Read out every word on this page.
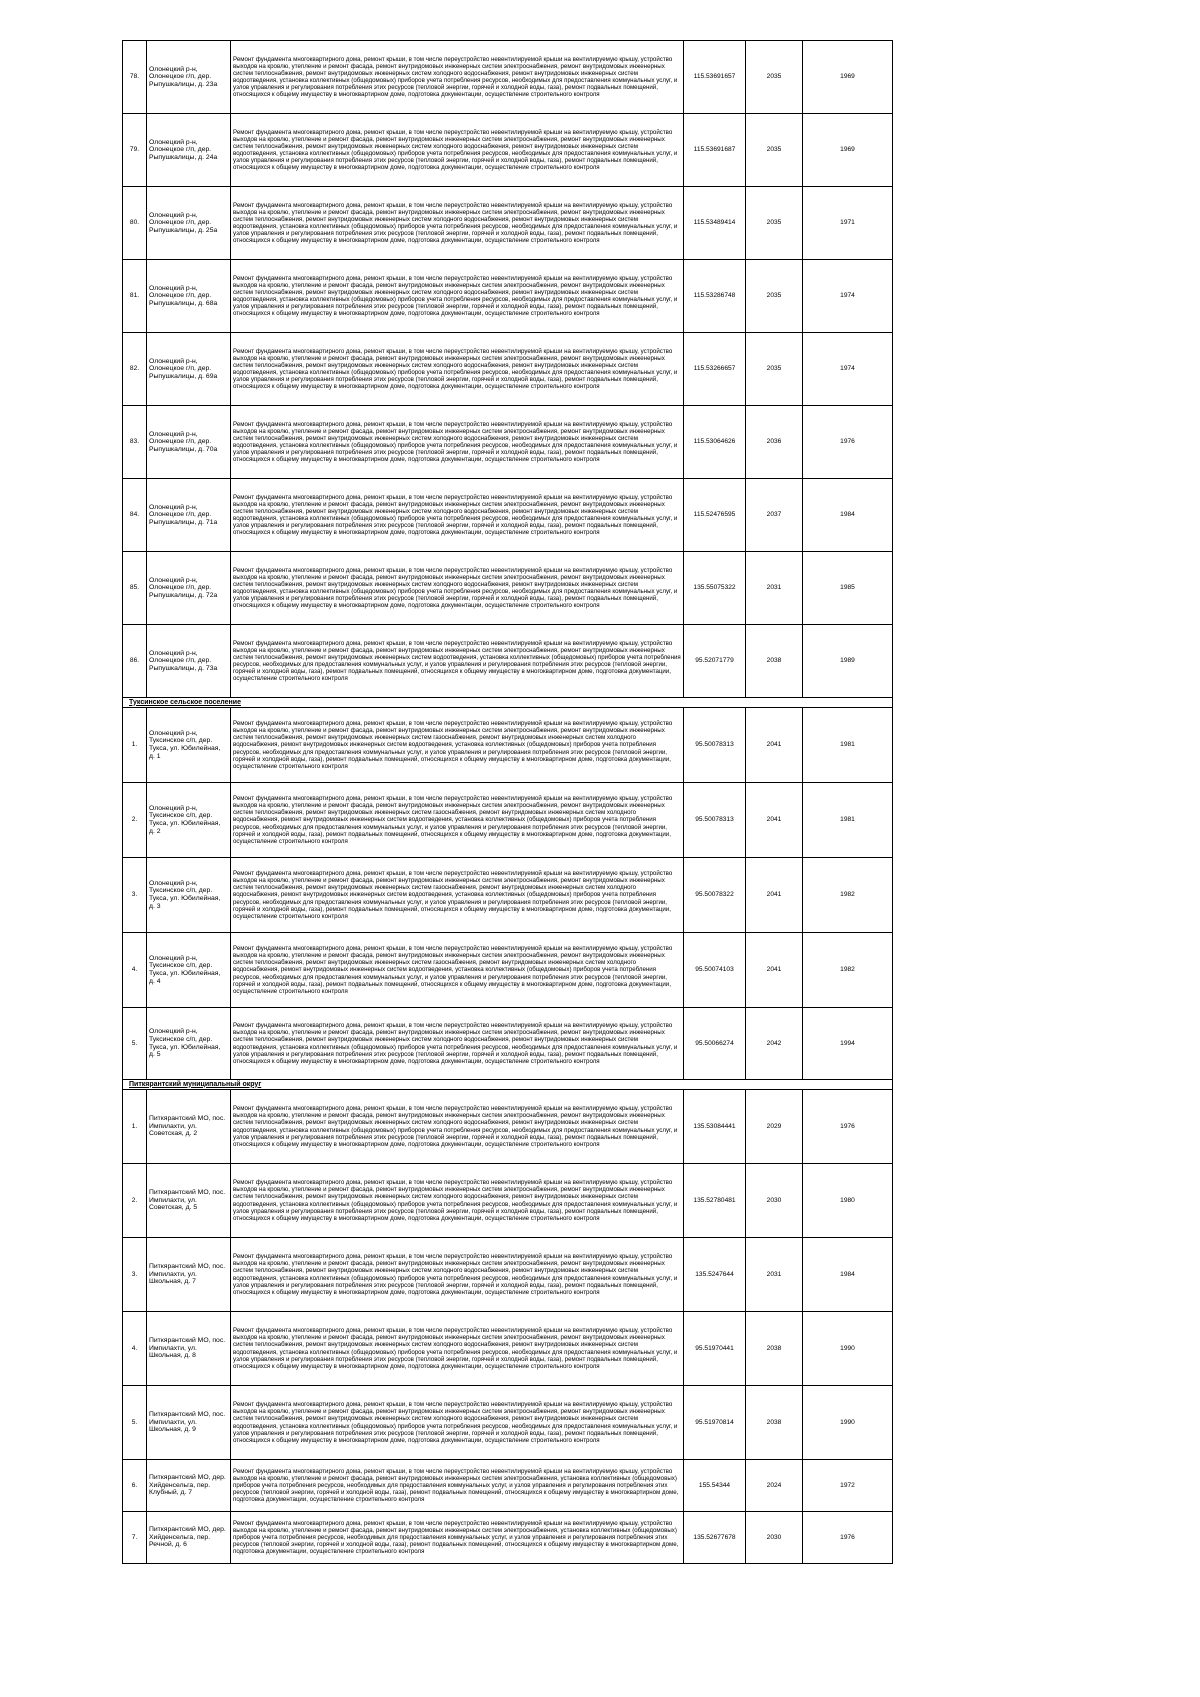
78.	Олонецкий р-н, Олонецкое г/п, дер. Рыпушкалицы, д. 23а	Ремонт фундамента многоквартирного дома, ремонт крыши, в том числе переустройство невентилируемой крыши на вентилируемую крышу, устройство выходов на кровлю, утепление и ремонт фасада, ремонт внутридомовых инженерных систем электроснабжения, ремонт внутридомовых инженерных систем теплоснабжения, ремонт внутридомовых инженерных систем холодного водоснабжения, ремонт внутридомовых инженерных систем водоотведения, установка коллективных (общедомовых) приборов учета потребления ресурсов, необходимых для предоставления коммунальных услуг, и узлов управления и регулирования потребления этих ресурсов (тепловой энергии, горячей и холодной воды, газа), ремонт подвальных помещений, относящихся к общему имуществу в многоквартирном доме, подготовка документации, осуществление строительного контроля	115.53691657	2035	1969
79.	Олонецкий р-н, Олонецкое г/п, дер. Рыпушкалицы, д. 24а	Ремонт фундамента многоквартирного дома, ремонт крыши, в том числе переустройство невентилируемой крыши на вентилируемую крышу, устройство выходов на кровлю, утепление и ремонт фасада, ремонт внутридомовых инженерных систем электроснабжения, ремонт внутридомовых инженерных систем теплоснабжения, ремонт внутридомовых инженерных систем холодного водоснабжения, ремонт внутридомовых инженерных систем водоотведения, установка коллективных (общедомовых) приборов учета потребления ресурсов, необходимых для предоставления коммунальных услуг, и узлов управления и регулирования потребления этих ресурсов (тепловой энергии, горячей и холодной воды, газа), ремонт подвальных помещений, относящихся к общему имуществу в многоквартирном доме, подготовка документации, осуществление строительного контроля	115.53691687	2035	1969
80.	Олонецкий р-н, Олонецкое г/п, дер. Рыпушкалицы, д. 25а	Ремонт фундамента многоквартирного дома, ремонт крыши, в том числе переустройство невентилируемой крыши на вентилируемую крышу, устройство выходов на кровлю, утепление и ремонт фасада, ремонт внутридомовых инженерных систем электроснабжения, ремонт внутридомовых инженерных систем теплоснабжения, ремонт внутридомовых инженерных систем холодного водоснабжения, ремонт внутридомовых инженерных систем водоотведения, установка коллективных (общедомовых) приборов учета потребления ресурсов, необходимых для предоставления коммунальных услуг, и узлов управления и регулирования потребления этих ресурсов (тепловой энергии, горячей и холодной воды, газа), ремонт подвальных помещений, относящихся к общему имуществу в многоквартирном доме, подготовка документации, осуществление строительного контроля	115.53489414	2035	1971
81.	Олонецкий р-н, Олонецкое г/п, дер. Рыпушкалицы, д. 68а	Ремонт фундамента многоквартирного дома, ремонт крыши, в том числе переустройство невентилируемой крыши на вентилируемую крышу, устройство выходов на кровлю, утепление и ремонт фасада, ремонт внутридомовых инженерных систем электроснабжения, ремонт внутридомовых инженерных систем теплоснабжения, ремонт внутридомовых инженерных систем холодного водоснабжения, ремонт внутридомовых инженерных систем водоотведения, установка коллективных (общедомовых) приборов учета потребления ресурсов, необходимых для предоставления коммунальных услуг, и узлов управления и регулирования потребления этих ресурсов (тепловой энергии, горячей и холодной воды, газа), ремонт подвальных помещений, относящихся к общему имуществу в многоквартирном доме, подготовка документации, осуществление строительного контроля	115.53286748	2035	1974
82.	Олонецкий р-н, Олонецкое г/п, дер. Рыпушкалицы, д. 69а	Ремонт фундамента многоквартирного дома, ремонт крыши, в том числе переустройство невентилируемой крыши на вентилируемую крышу, устройство выходов на кровлю, утепление и ремонт фасада, ремонт внутридомовых инженерных систем электроснабжения, ремонт внутридомовых инженерных систем теплоснабжения, ремонт внутридомовых инженерных систем холодного водоснабжения, ремонт внутридомовых инженерных систем водоотведения, установка коллективных (общедомовых) приборов учета потребления ресурсов, необходимых для предоставления коммунальных услуг, и узлов управления и регулирования потребления этих ресурсов (тепловой энергии, горячей и холодной воды, газа), ремонт подвальных помещений, относящихся к общему имуществу в многоквартирном доме, подготовка документации, осуществление строительного контроля	115.53266657	2035	1974
83.	Олонецкий р-н, Олонецкое г/п, дер. Рыпушкалицы, д. 70а	Ремонт фундамента многоквартирного дома, ремонт крыши, в том числе переустройство невентилируемой крыши на вентилируемую крышу, устройство выходов на кровлю, утепление и ремонт фасада, ремонт внутридомовых инженерных систем электроснабжения, ремонт внутридомовых инженерных систем теплоснабжения, ремонт внутридомовых инженерных систем холодного водоснабжения, ремонт внутридомовых инженерных систем водоотведения, установка коллективных (общедомовых) приборов учета потребления ресурсов, необходимых для предоставления коммунальных услуг, и узлов управления и регулирования потребления этих ресурсов (тепловой энергии, горячей и холодной воды, газа), ремонт подвальных помещений, относящихся к общему имуществу в многоквартирном доме, подготовка документации, осуществление строительного контроля	115.53064626	2036	1976
84.	Олонецкий р-н, Олонецкое г/п, дер. Рыпушкалицы, д. 71а	Ремонт фундамента многоквартирного дома, ремонт крыши, в том числе переустройство невентилируемой крыши на вентилируемую крышу, устройство выходов на кровлю, утепление и ремонт фасада, ремонт внутридомовых инженерных систем электроснабжения, ремонт внутридомовых инженерных систем теплоснабжения, ремонт внутридомовых инженерных систем холодного водоснабжения, ремонт внутридомовых инженерных систем водоотведения, установка коллективных (общедомовых) приборов учета потребления ресурсов, необходимых для предоставления коммунальных услуг, и узлов управления и регулирования потребления этих ресурсов (тепловой энергии, горячей и холодной воды, газа), ремонт подвальных помещений, относящихся к общему имуществу в многоквартирном доме, подготовка документации, осуществление строительного контроля	115.52476595	2037	1984
85.	Олонецкий р-н, Олонецкое г/п, дер. Рыпушкалицы, д. 72а	Ремонт фундамента многоквартирного дома, ремонт крыши, в том числе переустройство невентилируемой крыши на вентилируемую крышу, устройство выходов на кровлю, утепление и ремонт фасада, ремонт внутридомовых инженерных систем электроснабжения, ремонт внутридомовых инженерных систем теплоснабжения, ремонт внутридомовых инженерных систем холодного водоснабжения, ремонт внутридомовых инженерных систем водоотведения, установка коллективных (общедомовых) приборов учета потребления ресурсов, необходимых для предоставления коммунальных услуг, и узлов управления и регулирования потребления этих ресурсов (тепловой энергии, горячей и холодной воды, газа), ремонт подвальных помещений, относящихся к общему имуществу в многоквартирном доме, подготовка документации, осуществление строительного контроля	135.55075322	2031	1985
86.	Олонецкий р-н, Олонецкое г/п, дер. Рыпушкалицы, д. 73а	Ремонт фундамента многоквартирного дома, ремонт крыши, в том числе переустройство невентилируемой крыши на вентилируемую крышу, устройство выходов на кровлю, утепление и ремонт фасада, ремонт внутридомовых инженерных систем электроснабжения, ремонт внутридомовых инженерных систем теплоснабжения, ремонт внутридомовых инженерных систем водоотведения, установка коллективных (общедомовых) приборов учета потребления ресурсов, необходимых для предоставления коммунальных услуг, и узлов управления и регулирования потребления этих ресурсов (тепловой энергии, горячей и холодной воды, газа), ремонт подвальных помещений, относящихся к общему имуществу в многоквартирном доме, подготовка документации, осуществление строительного контроля	95.52071779	2038	1989
Туксинское сельское поселение					
1.	Олонецкий р-н, Туксинское с/п, дер. Тукса, ул. Юбилейная, д. 1	Ремонт фундамента многоквартирного дома, ремонт крыши, в том числе переустройство невентилируемой крыши на вентилируемую крышу, устройство выходов на кровлю, утепление и ремонт фасада, ремонт внутридомовых инженерных систем электроснабжения, ремонт внутридомовых инженерных систем теплоснабжения, ремонт внутридомовых инженерных систем газоснабжения, ремонт внутридомовых инженерных систем холодного водоснабжения, ремонт внутридомовых инженерных систем водоотведения, установка коллективных (общедомовых) приборов учета потребления ресурсов, необходимых для предоставления коммунальных услуг, и узлов управления и регулирования потребления этих ресурсов (тепловой энергии, горячей и холодной воды, газа), ремонт подвальных помещений, относящихся к общему имуществу в многоквартирном доме, подготовка документации, осуществление строительного контроля	95.50078313	2041	1981
2.	Олонецкий р-н, Туксинское с/п, дер. Тукса, ул. Юбилейная, д. 2	Ремонт фундамента многоквартирного дома, ремонт крыши, в том числе переустройство невентилируемой крыши на вентилируемую крышу, устройство выходов на кровлю, утепление и ремонт фасада, ремонт внутридомовых инженерных систем электроснабжения, ремонт внутридомовых инженерных систем теплоснабжения, ремонт внутридомовых инженерных систем газоснабжения, ремонт внутридомовых инженерных систем холодного водоснабжения, ремонт внутридомовых инженерных систем водоотведения, установка коллективных (общедомовых) приборов учета потребления ресурсов, необходимых для предоставления коммунальных услуг, и узлов управления и регулирования потребления этих ресурсов (тепловой энергии, горячей и холодной воды, газа), ремонт подвальных помещений, относящихся к общему имуществу в многоквартирном доме, подготовка документации, осуществление строительного контроля	95.50078313	2041	1981
3.	Олонецкий р-н, Туксинское с/п, дер. Тукса, ул. Юбилейная, д. 3	Ремонт фундамента многоквартирного дома, ремонт крыши, в том числе переустройство невентилируемой крыши на вентилируемую крышу, устройство выходов на кровлю, утепление и ремонт фасада, ремонт внутридомовых инженерных систем электроснабжения, ремонт внутридомовых инженерных систем теплоснабжения, ремонт внутридомовых инженерных систем газоснабжения, ремонт внутридомовых инженерных систем холодного водоснабжения, ремонт внутридомовых инженерных систем водоотведения, установка коллективных (общедомовых) приборов учета потребления ресурсов, необходимых для предоставления коммунальных услуг, и узлов управления и регулирования потребления этих ресурсов (тепловой энергии, горячей и холодной воды, газа), ремонт подвальных помещений, относящихся к общему имуществу в многоквартирном доме, подготовка документации, осуществление строительного контроля	95.50078322	2041	1982
4.	Олонецкий р-н, Туксинское с/п, дер. Тукса, ул. Юбилейная, д. 4	Ремонт фундамента многоквартирного дома, ремонт крыши, в том числе переустройство невентилируемой крыши на вентилируемую крышу, устройство выходов на кровлю, утепление и ремонт фасада, ремонт внутридомовых инженерных систем электроснабжения, ремонт внутридомовых инженерных систем теплоснабжения, ремонт внутридомовых инженерных систем газоснабжения, ремонт внутридомовых инженерных систем холодного водоснабжения, ремонт внутридомовых инженерных систем водоотведения, установка коллективных (общедомовых) приборов учета потребления ресурсов, необходимых для предоставления коммунальных услуг, и узлов управления и регулирования потребления этих ресурсов (тепловой энергии, горячей и холодной воды, газа), ремонт подвальных помещений, относящихся к общему имуществу в многоквартирном доме, подготовка документации, осуществление строительного контроля	95.50074103	2041	1982
5.	Олонецкий р-н, Туксинское с/п, дер. Тукса, ул. Юбилейная, д. 5	Ремонт фундамента многоквартирного дома, ремонт крыши, в том числе переустройство невентилируемой крыши на вентилируемую крышу, устройство выходов на кровлю, утепление и ремонт фасада, ремонт внутридомовых инженерных систем электроснабжения, ремонт внутридомовых инженерных систем теплоснабжения, ремонт внутридомовых инженерных систем холодного водоснабжения, ремонт внутридомовых инженерных систем водоотведения, установка коллективных (общедомовых) приборов учета потребления ресурсов, необходимых для предоставления коммунальных услуг, и узлов управления и регулирования потребления этих ресурсов (тепловой энергии, горячей и холодной воды, газа), ремонт подвальных помещений, относящихся к общему имуществу в многоквартирном доме, подготовка документации, осуществление строительного контроля	95.50066274	2042	1994
Питкярантский муниципальный округ					
1.	Питкярантский МО, пос. Импилахти, ул. Советская, д. 2	Ремонт фундамента многоквартирного дома, ремонт крыши, в том числе переустройство невентилируемой крыши на вентилируемую крышу, устройство выходов на кровлю, утепление и ремонт фасада, ремонт внутридомовых инженерных систем электроснабжения, ремонт внутридомовых инженерных систем теплоснабжения, ремонт внутридомовых инженерных систем холодного водоснабжения, ремонт внутридомовых инженерных систем водоотведения, установка коллективных (общедомовых) приборов учета потребления ресурсов, необходимых для предоставления коммунальных услуг, и узлов управления и регулирования потребления этих ресурсов (тепловой энергии, горячей и холодной воды, газа), ремонт подвальных помещений, относящихся к общему имуществу в многоквартирном доме, подготовка документации, осуществление строительного контроля	135.53084441	2029	1976
2.	Питкярантский МО, пос. Импилахти, ул. Советская, д. 5	Ремонт фундамента многоквартирного дома, ремонт крыши, в том числе переустройство невентилируемой крыши на вентилируемую крышу, устройство выходов на кровлю, утепление и ремонт фасада, ремонт внутридомовых инженерных систем электроснабжения, ремонт внутридомовых инженерных систем теплоснабжения, ремонт внутридомовых инженерных систем холодного водоснабжения, ремонт внутридомовых инженерных систем водоотведения, установка коллективных (общедомовых) приборов учета потребления ресурсов, необходимых для предоставления коммунальных услуг, и узлов управления и регулирования потребления этих ресурсов (тепловой энергии, горячей и холодной воды, газа), ремонт подвальных помещений, относящихся к общему имуществу в многоквартирном доме, подготовка документации, осуществление строительного контроля	135.52780481	2030	1980
3.	Питкярантский МО, пос. Импилахти, ул. Школьная, д. 7	Ремонт фундамента многоквартирного дома, ремонт крыши, в том числе переустройство невентилируемой крыши на вентилируемую крышу, устройство выходов на кровлю, утепление и ремонт фасада, ремонт внутридомовых инженерных систем электроснабжения, ремонт внутридомовых инженерных систем теплоснабжения, ремонт внутридомовых инженерных систем холодного водоснабжения, ремонт внутридомовых инженерных систем водоотведения, установка коллективных (общедомовых) приборов учета потребления ресурсов, необходимых для предоставления коммунальных услуг, и узлов управления и регулирования потребления этих ресурсов (тепловой энергии, горячей и холодной воды, газа), ремонт подвальных помещений, относящихся к общему имуществу в многоквартирном доме, подготовка документации, осуществление строительного контроля	135.5247644	2031	1984
4.	Питкярантский МО, пос. Импилахти, ул. Школьная, д. 8	Ремонт фундамента многоквартирного дома, ремонт крыши, в том числе переустройство невентилируемой крыши на вентилируемую крышу, устройство выходов на кровлю, утепление и ремонт фасада, ремонт внутридомовых инженерных систем электроснабжения, ремонт внутридомовых инженерных систем теплоснабжения, ремонт внутридомовых инженерных систем холодного водоснабжения, ремонт внутридомовых инженерных систем водоотведения, установка коллективных (общедомовых) приборов учета потребления ресурсов, необходимых для предоставления коммунальных услуг, и узлов управления и регулирования потребления этих ресурсов (тепловой энергии, горячей и холодной воды, газа), ремонт подвальных помещений, относящихся к общему имуществу в многоквартирном доме, подготовка документации, осуществление строительного контроля	95.51970441	2038	1990
5.	Питкярантский МО, пос. Импилахти, ул. Школьная, д. 9	Ремонт фундамента многоквартирного дома, ремонт крыши, в том числе переустройство невентилируемой крыши на вентилируемую крышу, устройство выходов на кровлю, утепление и ремонт фасада, ремонт внутридомовых инженерных систем электроснабжения, ремонт внутридомовых инженерных систем теплоснабжения, ремонт внутридомовых инженерных систем холодного водоснабжения, ремонт внутридомовых инженерных систем водоотведения, установка коллективных (общедомовых) приборов учета потребления ресурсов, необходимых для предоставления коммунальных услуг, и узлов управления и регулирования потребления этих ресурсов (тепловой энергии, горячей и холодной воды, газа), ремонт подвальных помещений, относящихся к общему имуществу в многоквартирном доме, подготовка документации, осуществление строительного контроля	95.51970814	2038	1990
6.	Питкярантский МО, дер. Хийденсельга, пер. Клубный, д. 7	Ремонт фундамента многоквартирного дома, ремонт крыши, в том числе переустройство невентилируемой крыши на вентилируемую крышу, устройство выходов на кровлю, утепление и ремонт фасада, ремонт внутридомовых инженерных систем электроснабжения, установка коллективных (общедомовых) приборов учета потребления ресурсов, необходимых для предоставления коммунальных услуг, и узлов управления и регулирования потребления этих ресурсов (тепловой энергии, горячей и холодной воды, газа), ремонт подвальных помещений, относящихся к общему имуществу в многоквартирном доме, подготовка документации, осуществление строительного контроля	155.54344	2024	1972
7.	Питкярантский МО, дер. Хийденсельга, пер. Речной, д. 6	Ремонт фундамента многоквартирного дома, ремонт крыши, в том числе переустройство невентилируемой крыши на вентилируемую крышу, устройство выходов на кровлю, утепление и ремонт фасада, ремонт внутридомовых инженерных систем электроснабжения, установка коллективных (общедомовых) приборов учета потребления ресурсов, необходимых для предоставления коммунальных услуг, и узлов управления и регулирования потребления этих ресурсов (тепловой энергии, горячей и холодной воды, газа), ремонт подвальных помещений, относящихся к общему имуществу в многоквартирном доме, подготовка документации, осуществление строительного контроля	135.52677678	2030	1976
